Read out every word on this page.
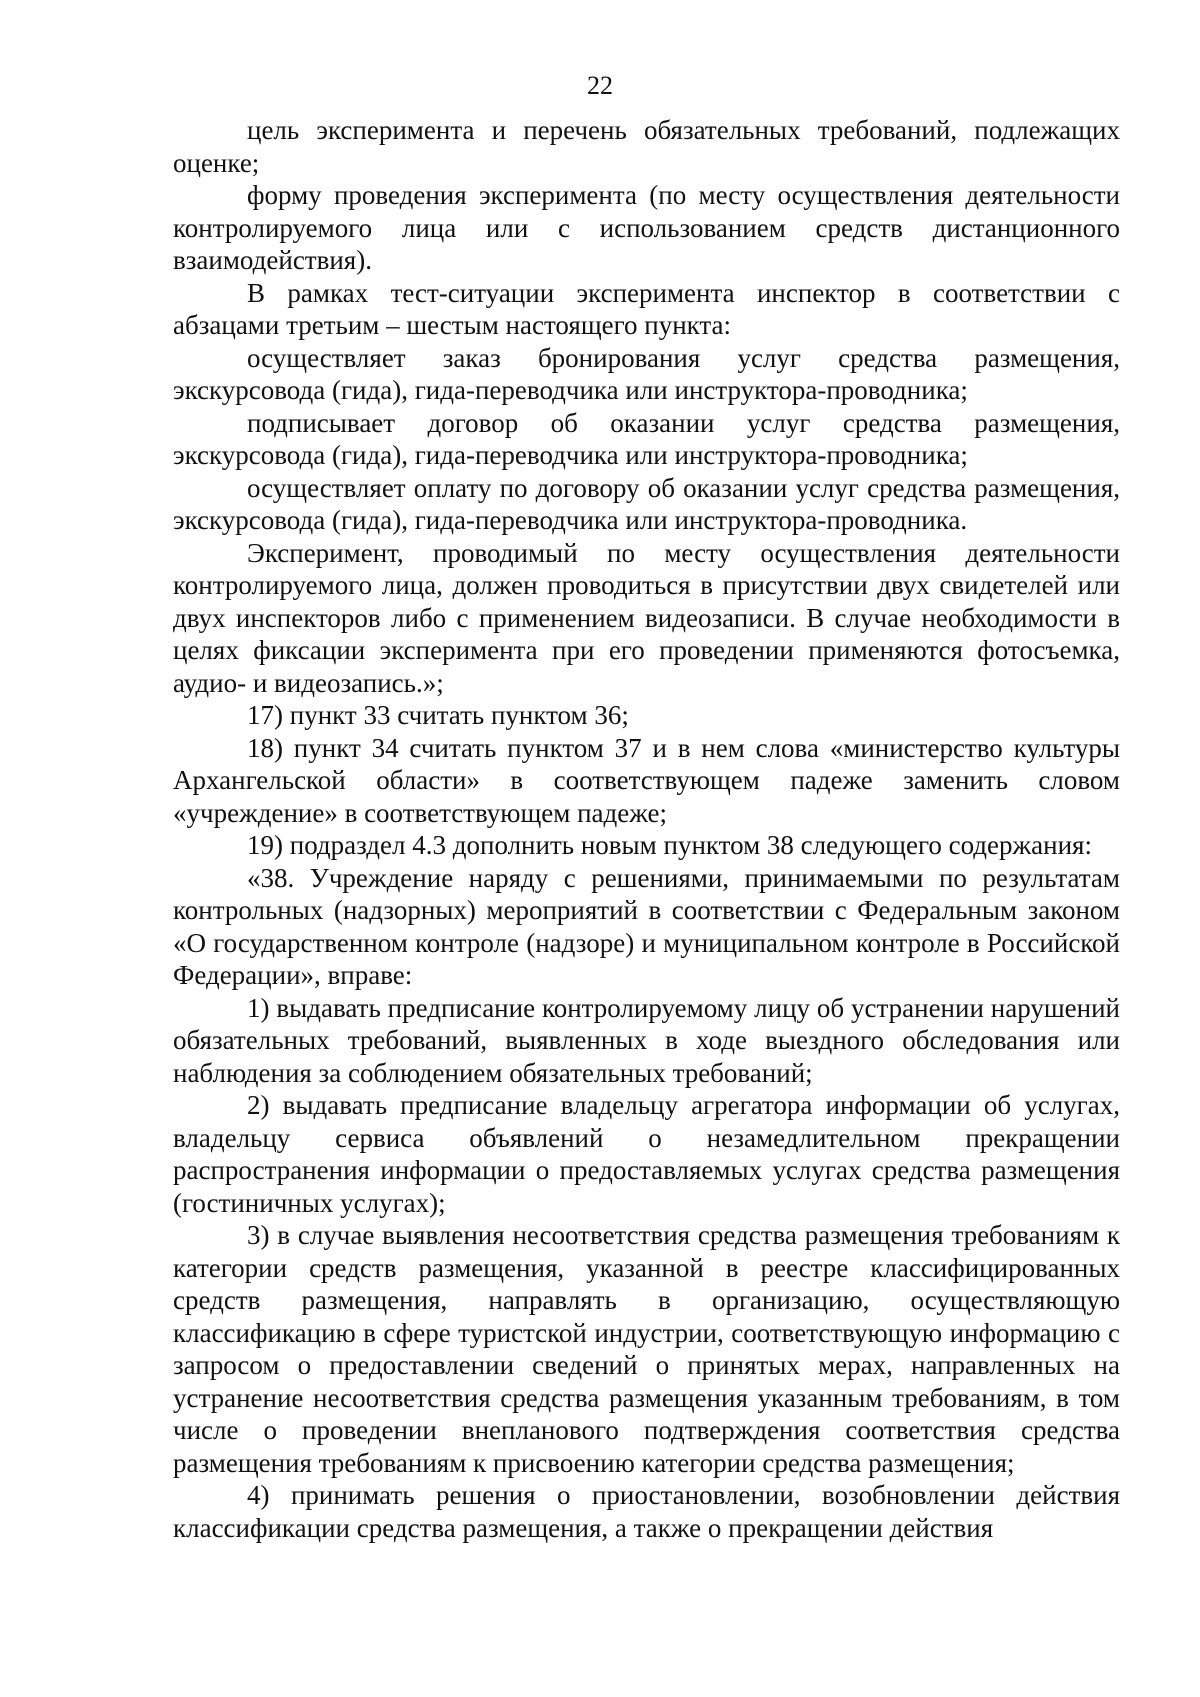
22

цель эксперимента и перечень обязательных требований, подлежащих оценке;

форму проведения эксперимента (по месту осуществления деятельности контролируемого лица или с использованием средств дистанционного взаимодействия).

В рамках тест-ситуации эксперимента инспектор в соответствии с абзацами третьим – шестым настоящего пункта:

осуществляет заказ бронирования услуг средства размещения, экскурсовода (гида), гида-переводчика или инструктора-проводника;

подписывает договор об оказании услуг средства размещения, экскурсовода (гида), гида-переводчика или инструктора-проводника;

осуществляет оплату по договору об оказании услуг средства размещения, экскурсовода (гида), гида-переводчика или инструктора-проводника.

Эксперимент, проводимый по месту осуществления деятельности контролируемого лица, должен проводиться в присутствии двух свидетелей или двух инспекторов либо с применением видеозаписи. В случае необходимости в целях фиксации эксперимента при его проведении применяются фотосъемка, аудио- и видеозапись.»;

17) пункт 33 считать пунктом 36;

18) пункт 34 считать пунктом 37 и в нем слова «министерство культуры Архангельской области» в соответствующем падеже заменить словом «учреждение» в соответствующем падеже;

19) подраздел 4.3 дополнить новым пунктом 38 следующего содержания:

«38. Учреждение наряду с решениями, принимаемыми по результатам контрольных (надзорных) мероприятий в соответствии с Федеральным законом «О государственном контроле (надзоре) и муниципальном контроле в Российской Федерации», вправе:

1) выдавать предписание контролируемому лицу об устранении нарушений обязательных требований, выявленных в ходе выездного обследования или наблюдения за соблюдением обязательных требований;

2) выдавать предписание владельцу агрегатора информации об услугах, владельцу сервиса объявлений о незамедлительном прекращении распространения информации о предоставляемых услугах средства размещения (гостиничных услугах);

3) в случае выявления несоответствия средства размещения требованиям к категории средств размещения, указанной в реестре классифицированных средств размещения, направлять в организацию, осуществляющую классификацию в сфере туристской индустрии, соответствующую информацию с запросом о предоставлении сведений о принятых мерах, направленных на устранение несоответствия средства размещения указанным требованиям, в том числе о проведении внепланового подтверждения соответствия средства размещения требованиям к присвоению категории средства размещения;

4) принимать решения о приостановлении, возобновлении действия классификации средства размещения, а также о прекращении действия
